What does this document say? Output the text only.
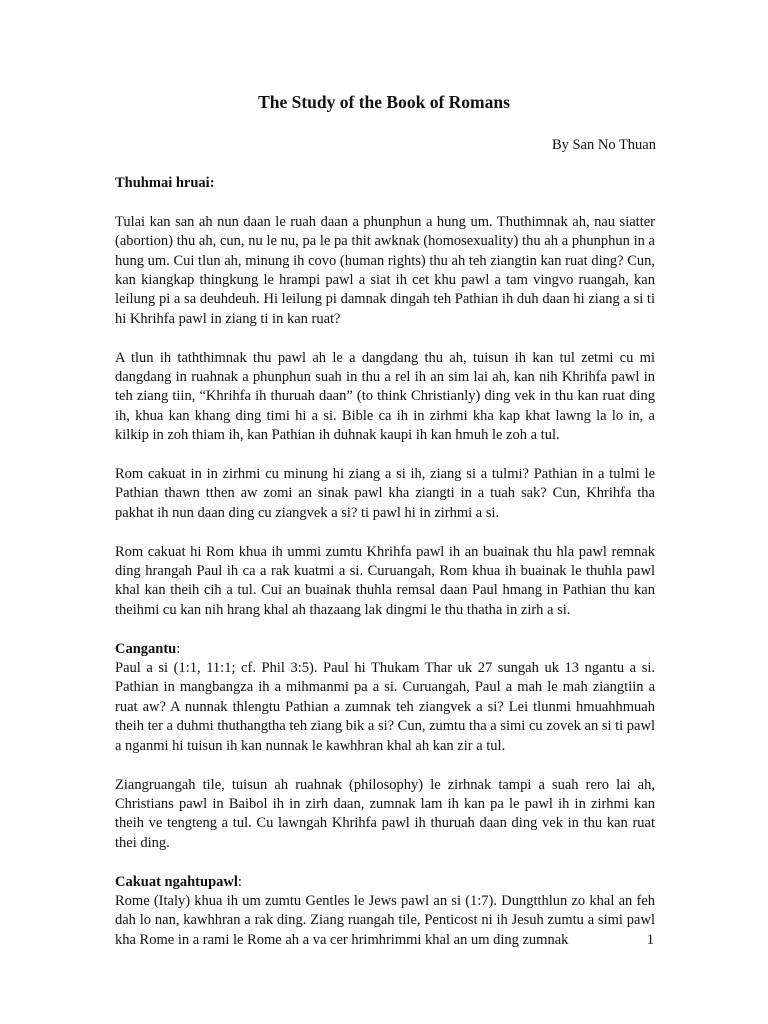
The Study of the Book of Romans
By San No Thuan

Thuhmai hruai:

Tulai kan san ah nun daan le ruah daan a phunphun a hung um. Thuthimnak ah, nau siatter (abortion) thu ah, cun, nu le nu, pa le pa thit awknak (homosexuality) thu ah a phunphun in a hung um. Cui tlun ah, minung ih covo (human rights) thu ah teh ziangtin kan ruat ding? Cun, kan kiangkap thingkung le hrampi pawl a siat ih cet khu pawl a tam vingvo ruangah, kan leilung pi a sa deuhdeuh. Hi leilung pi damnak dingah teh Pathian ih duh daan hi ziang a si ti hi Khrihfa pawl in ziang ti in kan ruat?

A tlun ih taththimnak thu pawl ah le a dangdang thu ah, tuisun ih kan tul zetmi cu mi dangdang in ruahnak a phunphun suah in thu a rel ih an sim lai ah, kan nih Khrihfa pawl in teh ziang tiin, “Khrihfa ih thuruah daan” (to think Christianly) ding vek in thu kan ruat ding ih, khua kan khang ding timi hi a si. Bible ca ih in zirhmi kha kap khat lawng la lo in, a kilkip in zoh thiam ih, kan Pathian ih duhnak kaupi ih kan hmuh le zoh a tul.

Rom cakuat in in zirhmi cu minung hi ziang a si ih, ziang si a tulmi? Pathian in a tulmi le Pathian thawn tthen aw zomi an sinak pawl kha ziangti in a tuah sak? Cun, Khrihfa tha pakhat ih nun daan ding cu ziangvek a si? ti pawl hi in zirhmi a si.

Rom cakuat hi Rom khua ih ummi zumtu Khrihfa pawl ih an buainak thu hla pawl remnak ding hrangah Paul ih ca a rak kuatmi a si. Curuangah, Rom khua ih buainak le thuhla pawl khal kan theih cih a tul. Cui an buainak thuhla remsal daan Paul hmang in Pathian thu kan theihmi cu kan nih hrang khal ah thazaang lak dingmi le thu thatha in zirh a si.

Cangantu:

Paul a si (1:1, 11:1; cf. Phil 3:5). Paul hi Thukam Thar uk 27 sungah uk 13 ngantu a si. Pathian in mangbangza ih a mihmanmi pa a si. Curuangah, Paul a mah le mah ziangtiin a ruat aw? A nunnak thlengtu Pathian a zumnak teh ziangvek a si? Lei tlunmi hmuahhmuah theih ter a duhmi thuthangtha teh ziang bik a si? Cun, zumtu tha a simi cu zovek an si ti pawl a nganmi hi tuisun ih kan nunnak le kawhhran khal ah kan zir a tul.

Ziangruangah tile, tuisun ah ruahnak (philosophy) le zirhnak tampi a suah rero lai ah, Christians pawl in Baibol ih in zirh daan, zumnak lam ih kan pa le pawl ih in zirhmi kan theih ve tengteng a tul. Cu lawngah Khrihfa pawl ih thuruah daan ding vek in thu kan ruat thei ding.

Cakuat ngahtupawl:

Rome (Italy) khua ih um zumtu Gentles le Jews pawl an si (1:7). Dungtthlun zo khal an feh dah lo nan, kawhhran a rak ding. Ziang ruangah tile, Penticost ni ih Jesuh zumtu a simi pawl kha Rome in a rami le Rome ah a va cer hrimhrimmi khal an um ding zumnak	1
